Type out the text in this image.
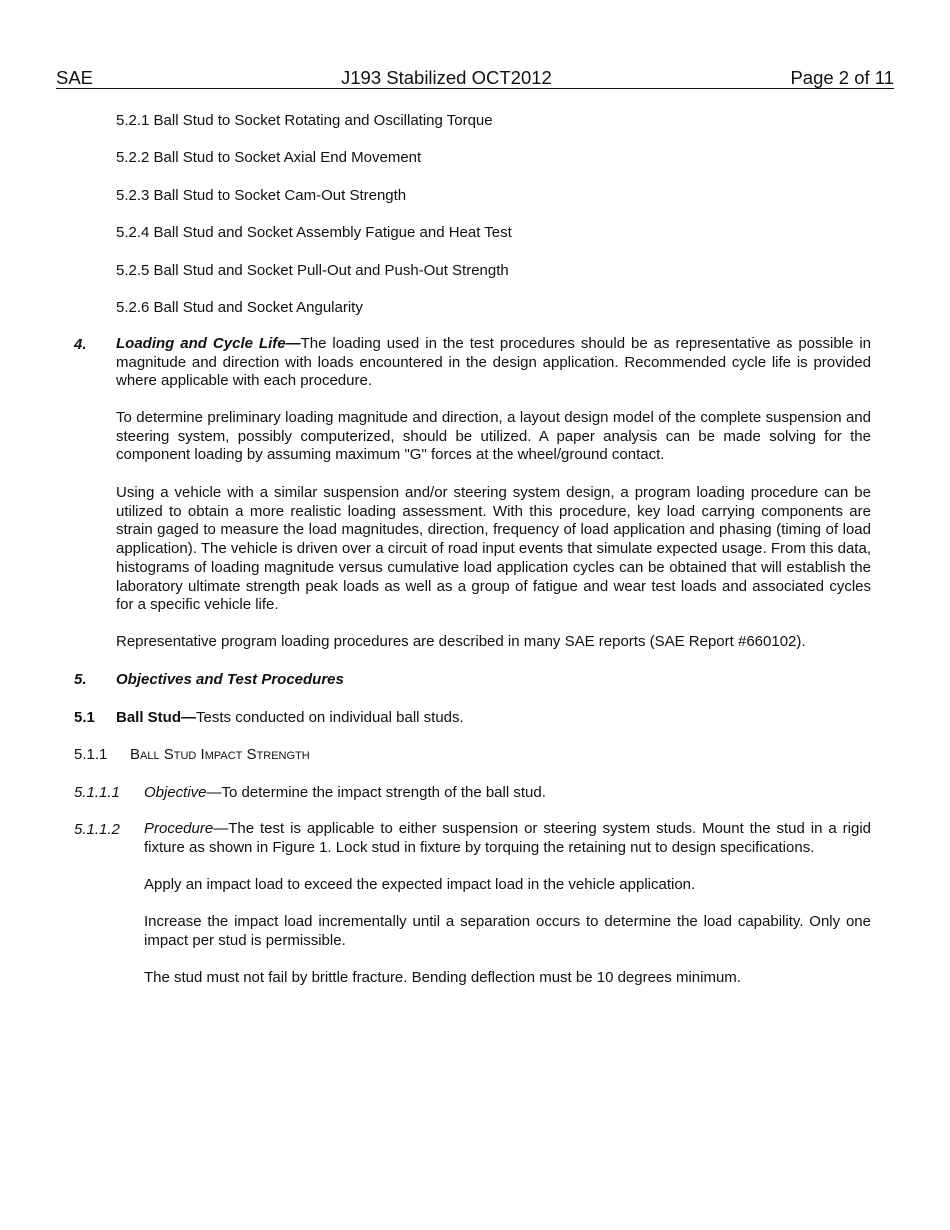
SAE	J193 Stabilized OCT2012	Page 2 of 11
5.2.1 Ball Stud to Socket Rotating and Oscillating Torque
5.2.2 Ball Stud to Socket Axial End Movement
5.2.3 Ball Stud to Socket Cam-Out Strength
5.2.4 Ball Stud and Socket Assembly Fatigue and Heat Test
5.2.5 Ball Stud and Socket Pull-Out and Push-Out Strength
5.2.6 Ball Stud and Socket Angularity
4. Loading and Cycle Life—The loading used in the test procedures should be as representative as possible in magnitude and direction with loads encountered in the design application. Recommended cycle life is provided where applicable with each procedure.
To determine preliminary loading magnitude and direction, a layout design model of the complete suspension and steering system, possibly computerized, should be utilized. A paper analysis can be made solving for the component loading by assuming maximum "G" forces at the wheel/ground contact.
Using a vehicle with a similar suspension and/or steering system design, a program loading procedure can be utilized to obtain a more realistic loading assessment. With this procedure, key load carrying components are strain gaged to measure the load magnitudes, direction, frequency of load application and phasing (timing of load application). The vehicle is driven over a circuit of road input events that simulate expected usage. From this data, histograms of loading magnitude versus cumulative load application cycles can be obtained that will establish the laboratory ultimate strength peak loads as well as a group of fatigue and wear test loads and associated cycles for a specific vehicle life.
Representative program loading procedures are described in many SAE reports (SAE Report #660102).
5. Objectives and Test Procedures
5.1 Ball Stud—Tests conducted on individual ball studs.
5.1.1 Ball Stud Impact Strength
5.1.1.1 Objective—To determine the impact strength of the ball stud.
5.1.1.2 Procedure—The test is applicable to either suspension or steering system studs. Mount the stud in a rigid fixture as shown in Figure 1. Lock stud in fixture by torquing the retaining nut to design specifications.
Apply an impact load to exceed the expected impact load in the vehicle application.
Increase the impact load incrementally until a separation occurs to determine the load capability. Only one impact per stud is permissible.
The stud must not fail by brittle fracture. Bending deflection must be 10 degrees minimum.
